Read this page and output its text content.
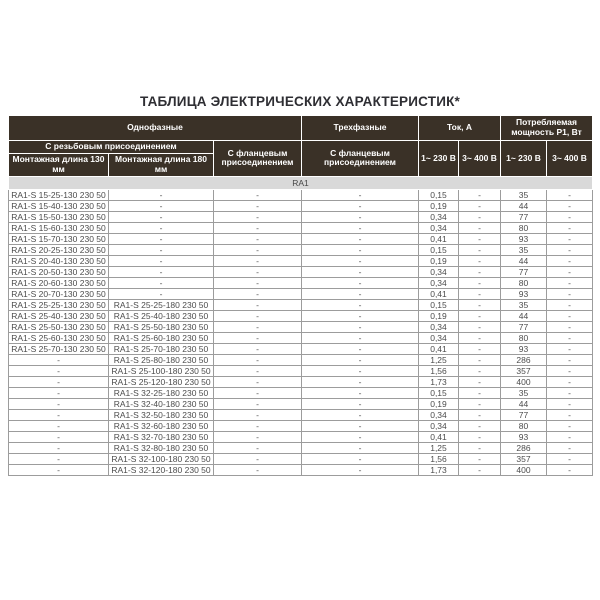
ТАБЛИЦА ЭЛЕКТРИЧЕСКИХ ХАРАКТЕРИСТИК*
Однофазные			Трехфазные	Ток, А		Потребляемая мощность Р1, Вт	
С резьбовым присоединением		С фланцевым присоединением	С фланцевым присоединением	1~ 230 В	3~ 400 В	1~ 230 В	3~ 400 В
Монтажная длина 130 мм	Монтажная длина 180 мм						
RA1							
RA1-S 15-25-130 230 50	-	-	-	0,15	-	35	-
RA1-S 15-40-130 230 50	-	-	-	0,19	-	44	-
RA1-S 15-50-130 230 50	-	-	-	0,34	-	77	-
RA1-S 15-60-130 230 50	-	-	-	0,34	-	80	-
RA1-S 15-70-130 230 50	-	-	-	0,41	-	93	-
RA1-S 20-25-130 230 50	-	-	-	0,15	-	35	-
RA1-S 20-40-130 230 50	-	-	-	0,19	-	44	-
RA1-S 20-50-130 230 50	-	-	-	0,34	-	77	-
RA1-S 20-60-130 230 50	-	-	-	0,34	-	80	-
RA1-S 20-70-130 230 50	-	-	-	0,41	-	93	-
RA1-S 25-25-130 230 50	RA1-S 25-25-180 230 50	-	-	0,15	-	35	-
RA1-S 25-40-130 230 50	RA1-S 25-40-180 230 50	-	-	0,19	-	44	-
RA1-S 25-50-130 230 50	RA1-S 25-50-180 230 50	-	-	0,34	-	77	-
RA1-S 25-60-130 230 50	RA1-S 25-60-180 230 50	-	-	0,34	-	80	-
RA1-S 25-70-130 230 50	RA1-S 25-70-180 230 50	-	-	0,41	-	93	-
-	RA1-S 25-80-180 230 50	-	-	1,25	-	286	-
-	RA1-S 25-100-180 230 50	-	-	1,56	-	357	-
-	RA1-S 25-120-180 230 50	-	-	1,73	-	400	-
-	RA1-S 32-25-180 230 50	-	-	0,15	-	35	-
-	RA1-S 32-40-180 230 50	-	-	0,19	-	44	-
-	RA1-S 32-50-180 230 50	-	-	0,34	-	77	-
-	RA1-S 32-60-180 230 50	-	-	0,34	-	80	-
-	RA1-S 32-70-180 230 50	-	-	0,41	-	93	-
-	RA1-S 32-80-180 230 50	-	-	1,25	-	286	-
-	RA1-S 32-100-180 230 50	-	-	1,56	-	357	-
-	RA1-S 32-120-180 230 50	-	-	1,73	-	400	-
